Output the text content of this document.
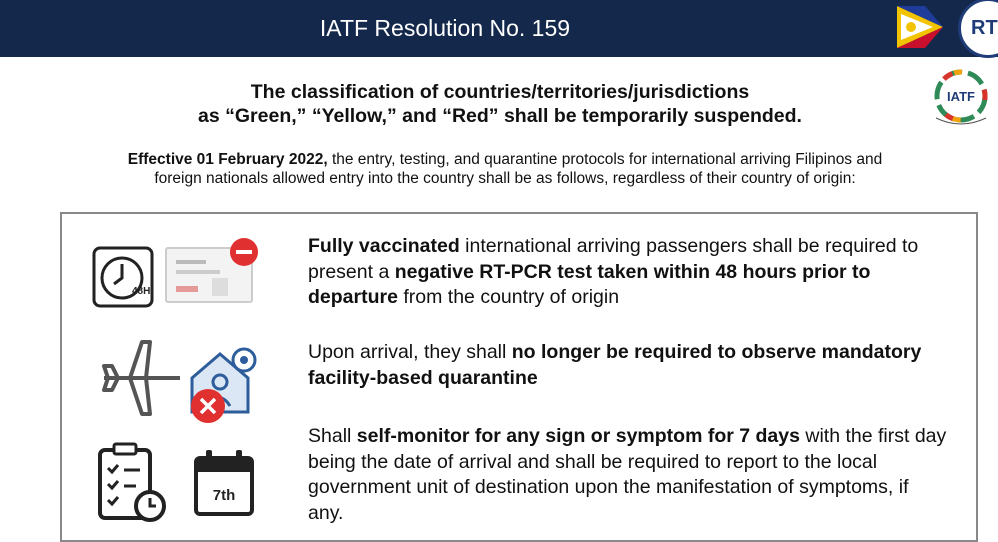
IATF Resolution No. 159	RT
The classification of countries/territories/jurisdictions
as “Green,” “Yellow,” and “Red” shall be temporarily suspended.
IATF
Effective 01 February 2022, the entry, testing, and quarantine protocols for international arriving Filipinos and
foreign nationals allowed entry into the country shall be as follows, regardless of their country of origin:
48H
7th
Fully vaccinated international arriving passengers shall be required to present a negative RT-PCR test taken within 48 hours prior to departure from the country of origin
Upon arrival, they shall no longer be required to observe mandatory facility-based quarantine
Shall self-monitor for any sign or symptom for 7 days with the first day being the date of arrival and shall be required to report to the local government unit of destination upon the manifestation of symptoms, if any.
